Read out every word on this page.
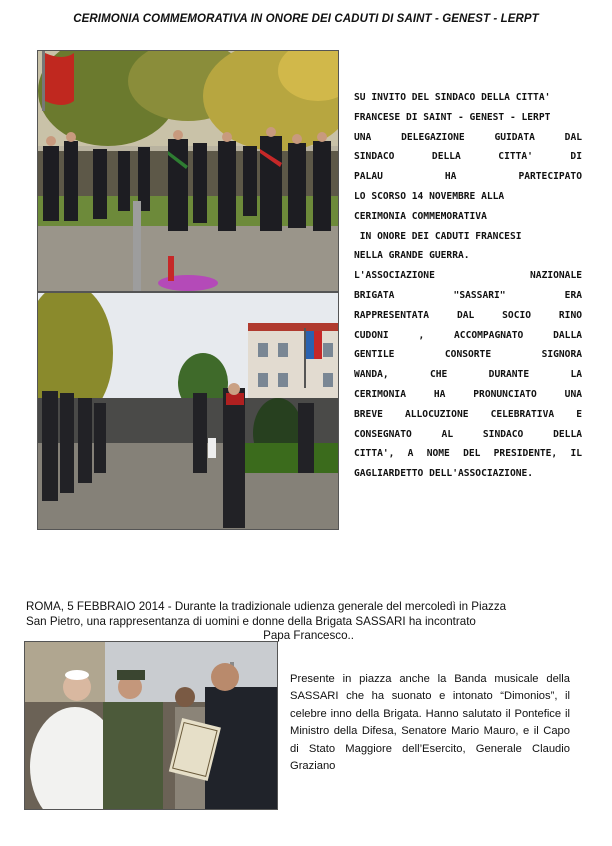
CERIMONIA COMMEMORATIVA IN ONORE DEI CADUTI DI SAINT - GENEST - LERPT

SU INVITO DEL SINDACO DELLA CITTA'

FRANCESE DI SAINT - GENEST - LERPT

UNA DELEGAZIONE GUIDATA DAL

SINDACO DELLA CITTA' DI

PALAU HA PARTECIPATO

LO SCORSO 14 NOVEMBRE ALLA

CERIMONIA COMMEMORATIVA

IN ONORE DEI CADUTI FRANCESI

NELLA GRANDE GUERRA.

L'ASSOCIAZIONE NAZIONALE

BRIGATA "SASSARI" ERA

RAPPRESENTATA DAL SOCIO RINO

CUDONI , ACCOMPAGNATO DALLA

GENTILE CONSORTE SIGNORA

WANDA, CHE DURANTE LA

CERIMONIA HA PRONUNCIATO UNA

BREVE ALLOCUZIONE CELEBRATIVA E

CONSEGNATO AL SINDACO DELLA

CITTA', A NOME DEL PRESIDENTE, IL

GAGLIARDETTO DELL'ASSOCIAZIONE.

ROMA, 5 FEBBRAIO 2014 - Durante la tradizionale udienza generale del mercoledì in Piazza
San Pietro, una rappresentanza di uomini e donne della Brigata SASSARI ha incontrato
Papa Francesco..

Presente in piazza anche la Banda musicale della SASSARI che ha suonato e intonato “Dimonios”, il celebre inno della Brigata. Hanno salutato il Pontefice il Ministro della Difesa, Senatore Mario Mauro, e il Capo di Stato Maggiore dell’Esercito, Generale Claudio Graziano
